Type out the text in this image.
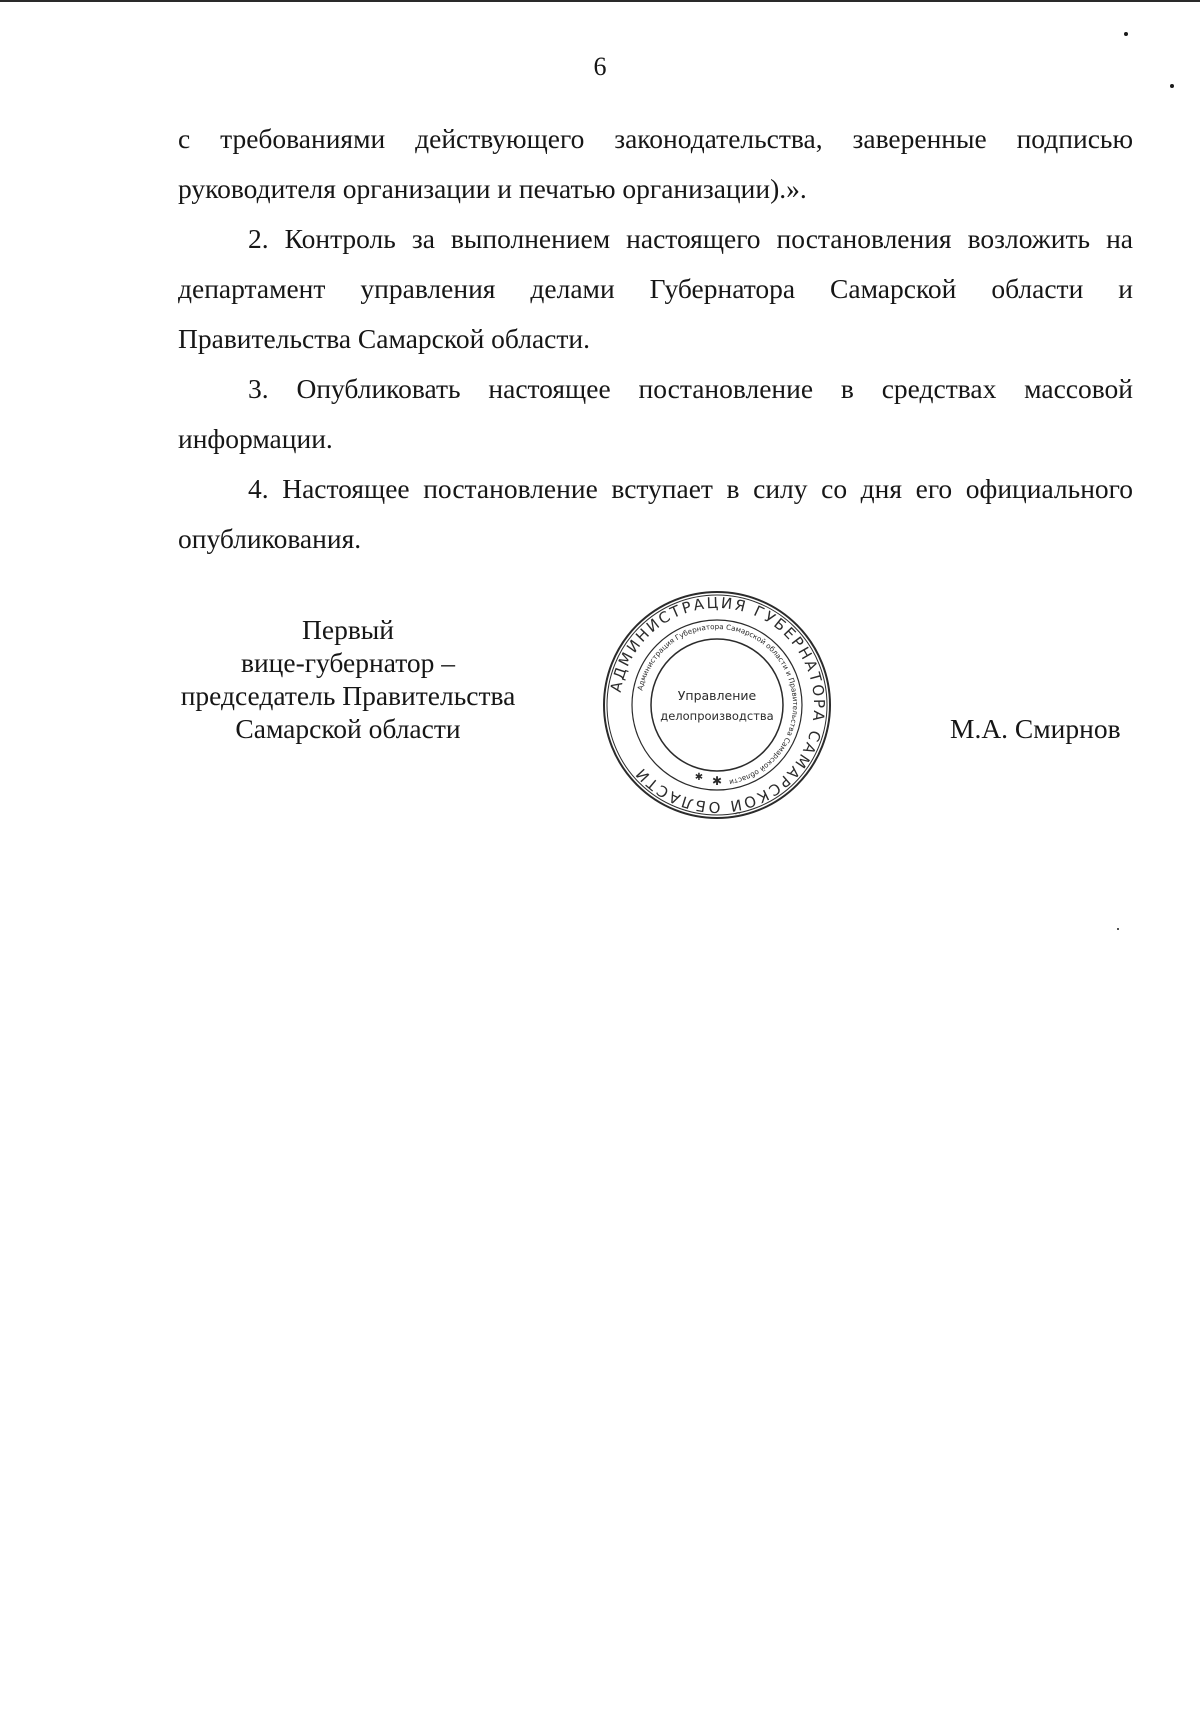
6

с требованиями действующего законодательства, заверенные подписью руководителя организации и печатью организации).».

2. Контроль за выполнением настоящего постановления возложить на департамент управления делами Губернатора Самарской области и Правительства Самарской области.

3. Опубликовать настоящее постановление в средствах массовой информации.

4. Настоящее постановление вступает в силу со дня его официального опубликования.

Первый
вице-губернатор –
председатель Правительства
Самарской области
АДМИНИСТРАЦИЯ ГУБЕРНАТОРА САМАРСКОЙ ОБЛАСТИ
Администрация Губернатора Самарской области и Правительства Самарской области
Управление
делопроизводства
✱
✱
М.А. Смирнов
